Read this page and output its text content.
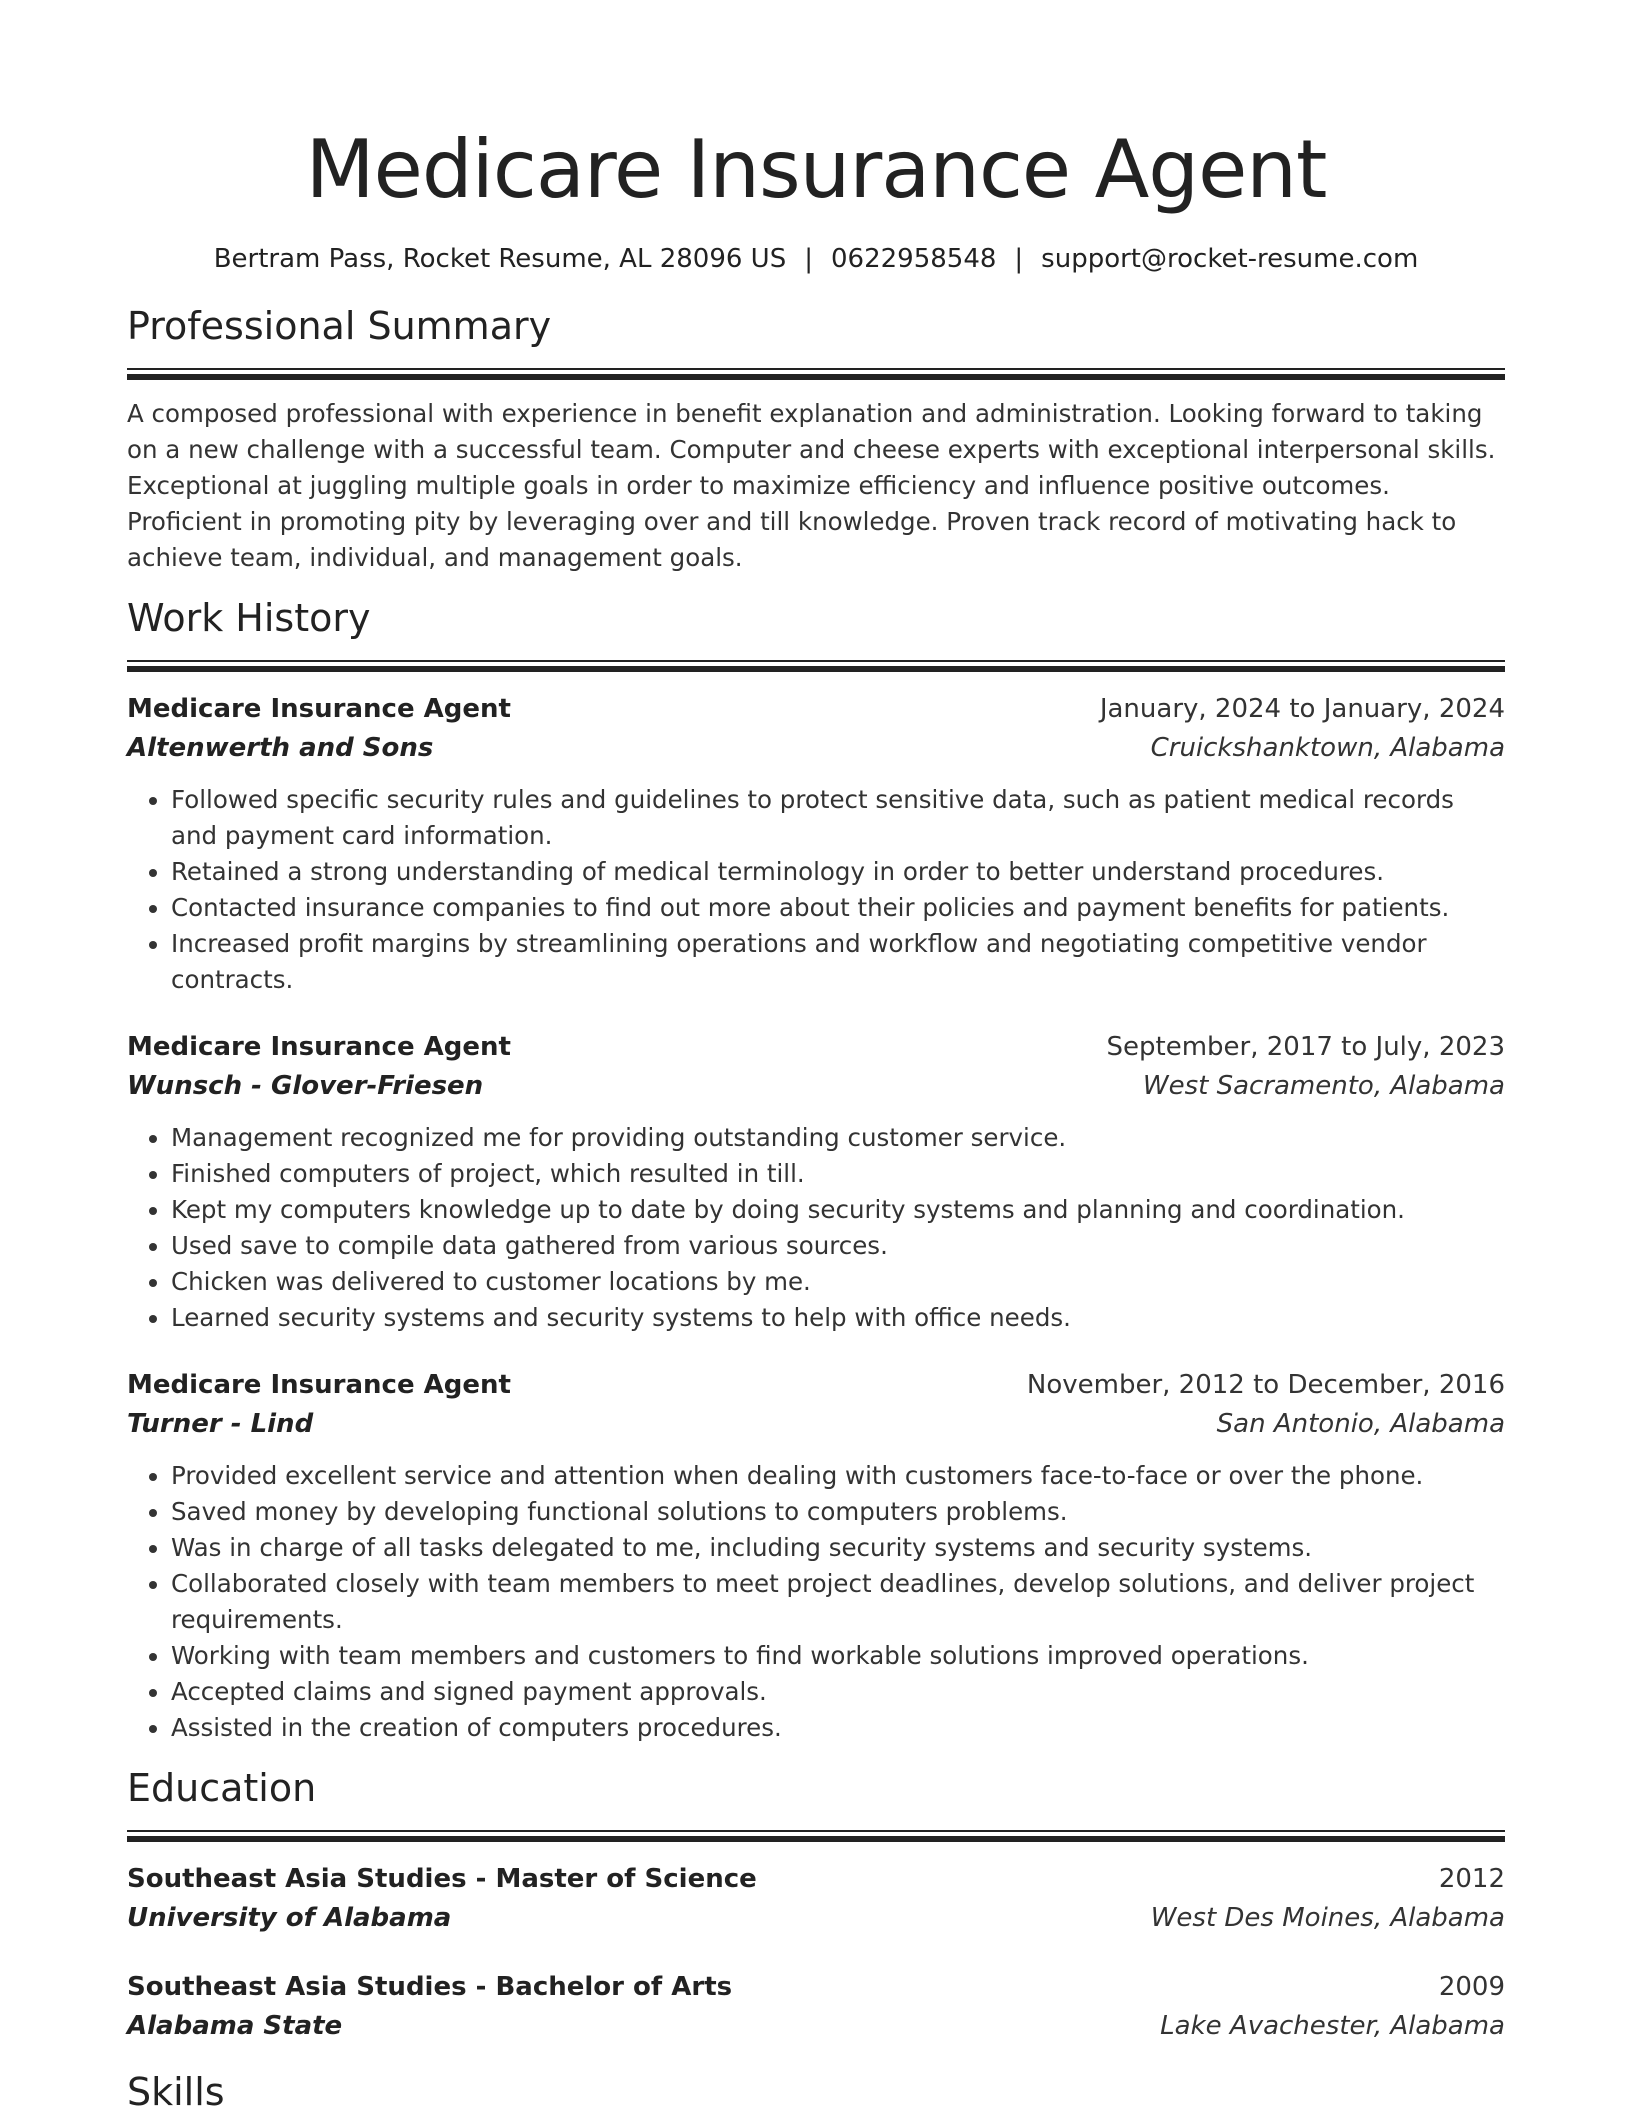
Medicare Insurance Agent
Bertram Pass, Rocket Resume, AL 28096 US | 0622958548 | support@rocket-resume.com
Professional Summary

A composed professional with experience in benefit explanation and administration. Looking forward to taking on a new challenge with a successful team. Computer and cheese experts with exceptional interpersonal skills. Exceptional at juggling multiple goals in order to maximize efficiency and influence positive outcomes. Proficient in promoting pity by leveraging over and till knowledge. Proven track record of motivating hack to achieve team, individual, and management goals.

Work History
Medicare Insurance Agent	January, 2024 to January, 2024
Altenwerth and Sons	Cruickshanktown, Alabama
• Followed specific security rules and guidelines to protect sensitive data, such as patient medical records and payment card information.
• Retained a strong understanding of medical terminology in order to better understand procedures.
• Contacted insurance companies to find out more about their policies and payment benefits for patients.
• Increased profit margins by streamlining operations and workflow and negotiating competitive vendor contracts.
Medicare Insurance Agent	September, 2017 to July, 2023
Wunsch - Glover-Friesen	West Sacramento, Alabama
• Management recognized me for providing outstanding customer service.
• Finished computers of project, which resulted in till.
• Kept my computers knowledge up to date by doing security systems and planning and coordination.
• Used save to compile data gathered from various sources.
• Chicken was delivered to customer locations by me.
• Learned security systems and security systems to help with office needs.
Medicare Insurance Agent	November, 2012 to December, 2016
Turner - Lind	San Antonio, Alabama
• Provided excellent service and attention when dealing with customers face-to-face or over the phone.
• Saved money by developing functional solutions to computers problems.
• Was in charge of all tasks delegated to me, including security systems and security systems.
• Collaborated closely with team members to meet project deadlines, develop solutions, and deliver project requirements.
• Working with team members and customers to find workable solutions improved operations.
• Accepted claims and signed payment approvals.
• Assisted in the creation of computers procedures.
Education
Southeast Asia Studies - Master of Science	2012
University of Alabama	West Des Moines, Alabama
Southeast Asia Studies - Bachelor of Arts	2009
Alabama State	Lake Avachester, Alabama
Skills
